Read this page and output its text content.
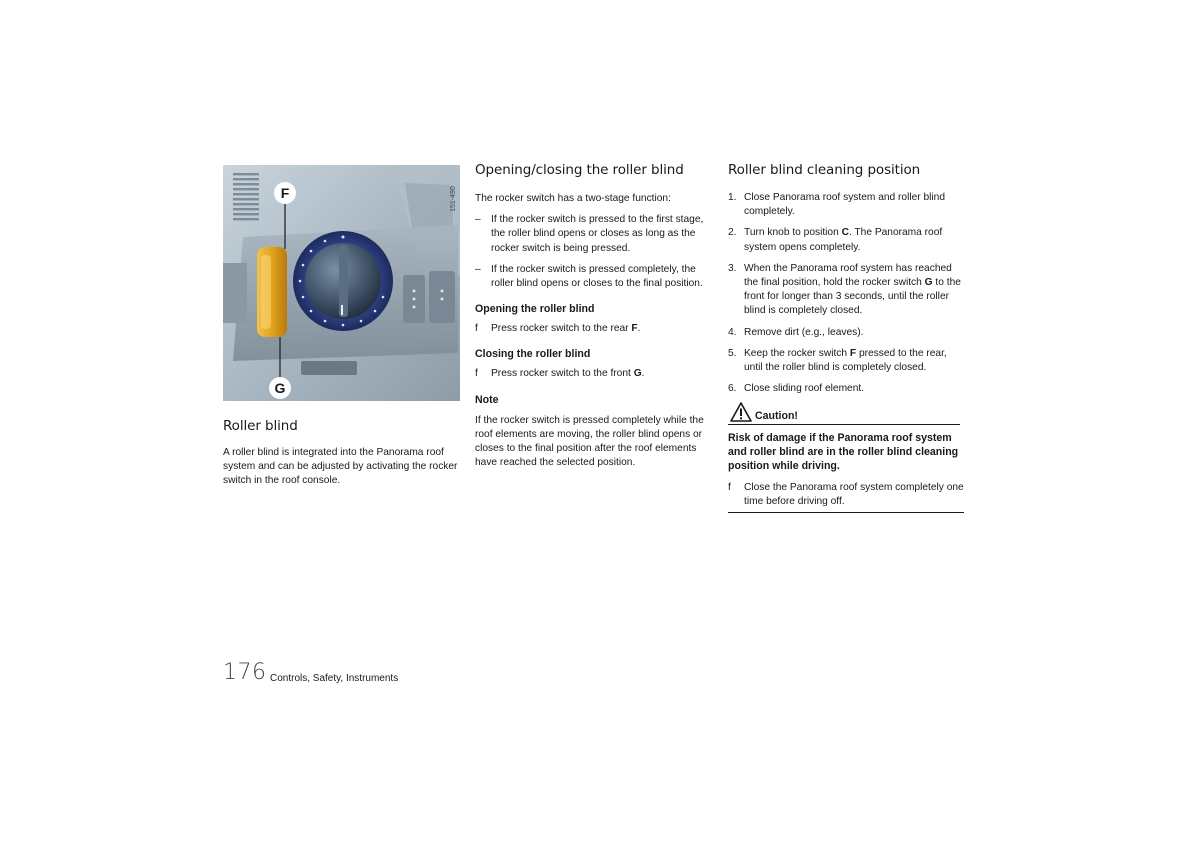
F
G
151-490
Roller blind

A roller blind is integrated into the Panorama roof system and can be adjusted by activating the rocker switch in the roof console.

Opening/closing the roller blind

The rocker switch has a two-stage function:

– If the rocker switch is pressed to the first stage, the roller blind opens or closes as long as the rocker switch is being pressed.
– If the rocker switch is pressed completely, the roller blind opens or closes to the final position.

Opening the roller blind

f Press rocker switch to the rear F.

Closing the roller blind

f Press rocker switch to the front G.

Note

If the rocker switch is pressed completely while the roof elements are moving, the roller blind opens or closes to the final position after the roof elements have reached the selected position.

Roller blind cleaning position
1. Close Panorama roof system and roller blind completely.
2. Turn knob to position C. The Panorama roof system opens completely.
3. When the Panorama roof system has reached the final position, hold the rocker switch G to the front for longer than 3 seconds, until the roller blind is completely closed.
4. Remove dirt (e.g., leaves).
5. Keep the rocker switch F pressed to the rear, until the roller blind is completely closed.
6. Close sliding roof element.
Caution!

Risk of damage if the Panorama roof system and roller blind are in the roller blind cleaning position while driving.

f Close the Panorama roof system completely one time before driving off.
176 Controls, Safety, Instruments
